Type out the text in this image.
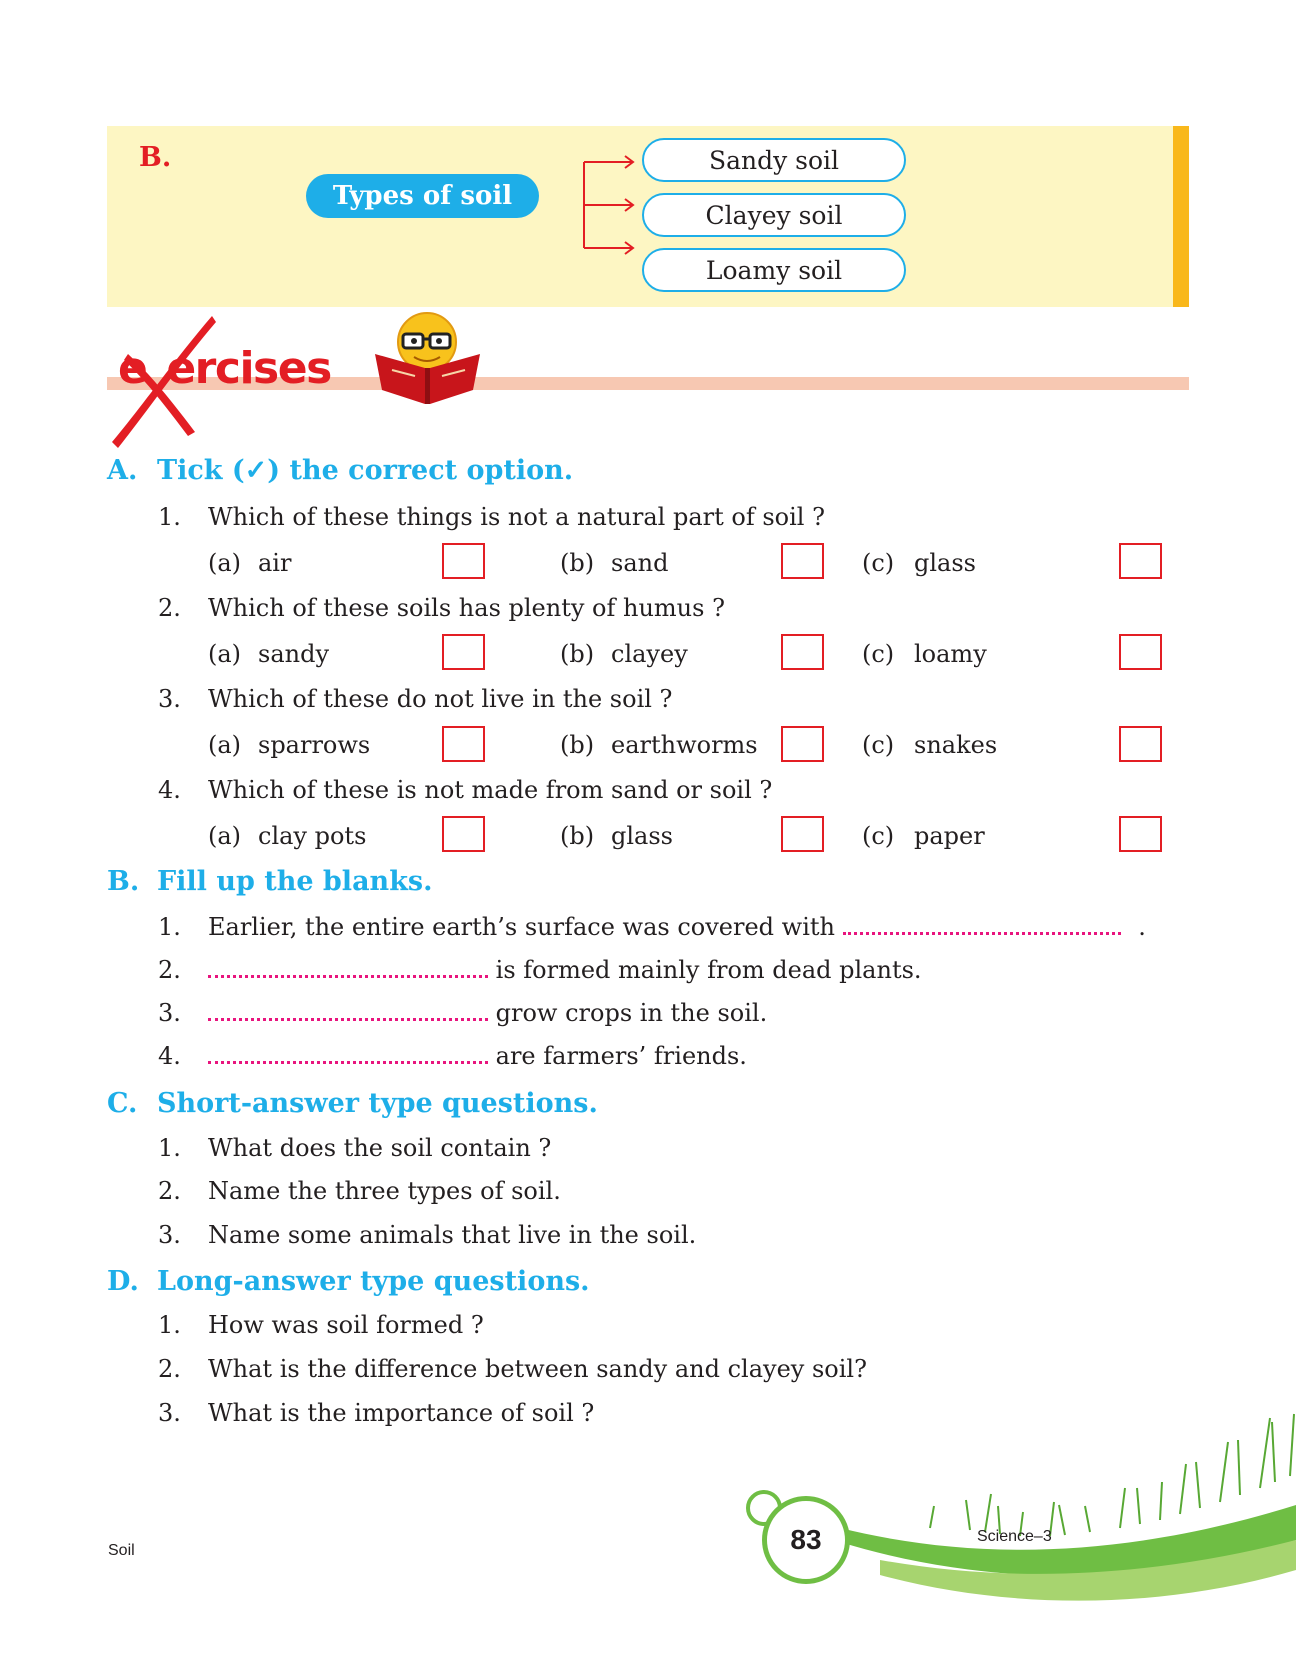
B.
Types of soil
Sandy soil
Clayey soil
Loamy soil
e ercises
A. Tick (✓) the correct option.
1. Which of these things is not a natural part of soil ?
(a) air	(b) sand	(c) glass
2. Which of these soils has plenty of humus ?
(a) sandy	(b) clayey	(c) loamy
3. Which of these do not live in the soil ?
(a) sparrows	(b) earthworms	(c) snakes
4. Which of these is not made from sand or soil ?
(a) clay pots	(b) glass	(c) paper
B. Fill up the blanks.
1. Earlier, the entire earth’s surface was covered with	.
2.	is formed mainly from dead plants.
3.	grow crops in the soil.
4.	are farmers’ friends.
C. Short-answer type questions.
1. What does the soil contain ?
2. Name the three types of soil.
3. Name some animals that live in the soil.
D. Long-answer type questions.
1. How was soil formed ?
2. What is the difference between sandy and clayey soil?
3. What is the importance of soil ?
83
Soil
Science–3
